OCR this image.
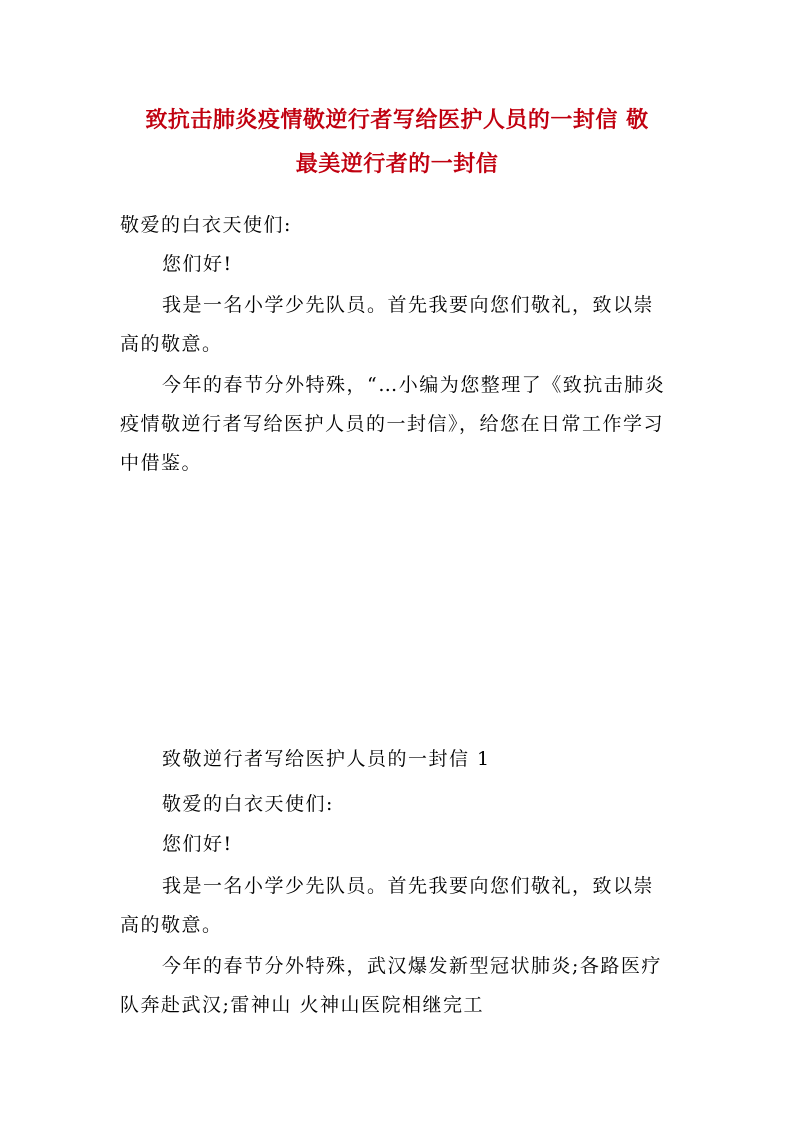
致抗击肺炎疫情敬逆行者写给医护人员的一封信 敬
最美逆行者的一封信
敬爱的白衣天使们:
您们好!
我是一名小学少先队员。首先我要向您们敬礼，致以崇高的敬意。
今年的春节分外特殊，“…小编为您整理了《致抗击肺炎疫情敬逆行者写给医护人员的一封信》，给您在日常工作学习中借鉴。
致敬逆行者写给医护人员的一封信 1
敬爱的白衣天使们:
您们好!
我是一名小学少先队员。首先我要向您们敬礼，致以崇高的敬意。
今年的春节分外特殊，武汉爆发新型冠状肺炎;各路医疗队奔赴武汉;雷神山 火神山医院相继完工
